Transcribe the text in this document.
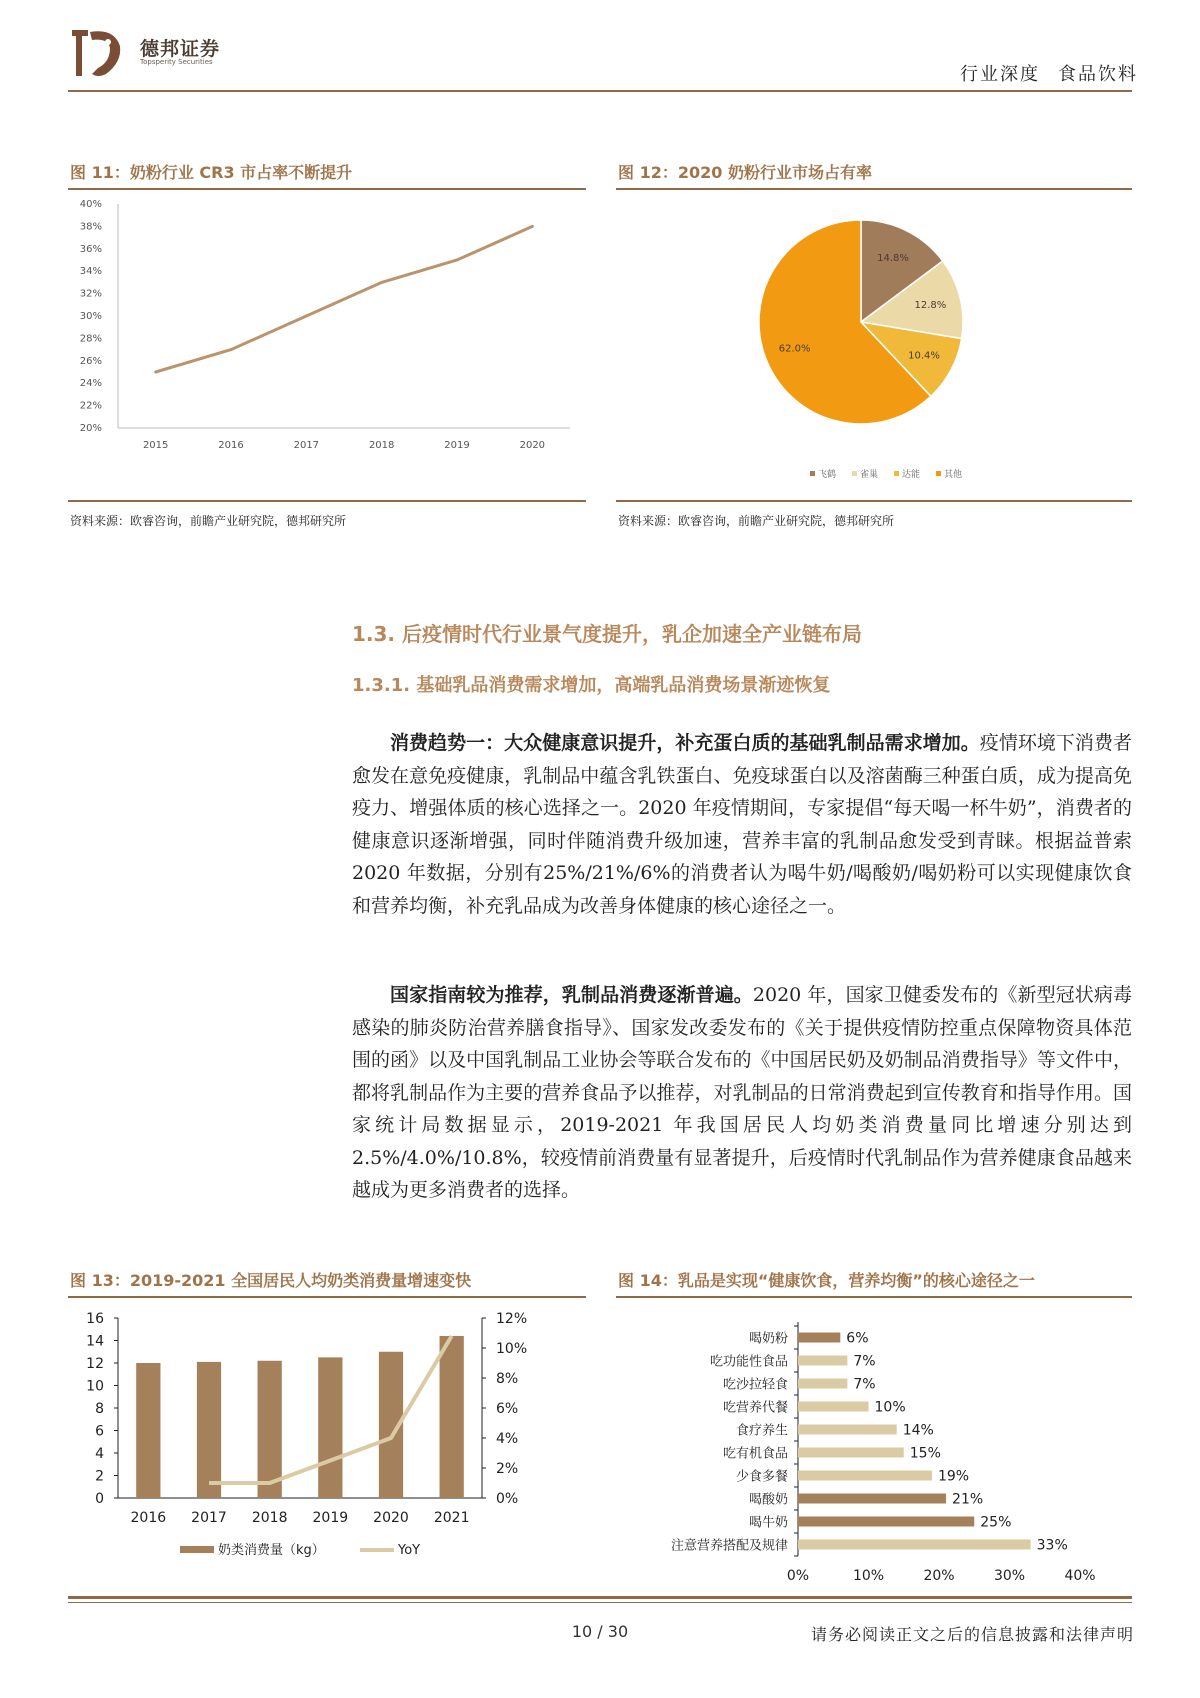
德邦证券
Topsperity Securities
行业深度 食品饮料
图 11：奶粉行业 CR3 市占率不断提升
20%
22%
24%
26%
28%
30%
32%
34%
36%
38%
40%
2015	2016	2017	2018	2019	2020
资料来源：欧睿咨询，前瞻产业研究院，德邦研究所
图 12：2020 奶粉行业市场占有率
14.8%
12.8%
10.4%
62.0%
飞鹤	雀巢	达能	其他
资料来源：欧睿咨询，前瞻产业研究院，德邦研究所
1.3. 后疫情时代行业景气度提升，乳企加速全产业链布局
1.3.1. 基础乳品消费需求增加，高端乳品消费场景渐迹恢复

消费趋势一：大众健康意识提升，补充蛋白质的基础乳制品需求增加。疫情环境下消费者愈发在意免疫健康，乳制品中蕴含乳铁蛋白、免疫球蛋白以及溶菌酶三种蛋白质，成为提高免疫力、增强体质的核心选择之一。2020 年疫情期间，专家提倡“每天喝一杯牛奶”，消费者的健康意识逐渐增强，同时伴随消费升级加速，营养丰富的乳制品愈发受到青睐。根据益普索 2020 年数据，分别有25%/21%/6%的消费者认为喝牛奶/喝酸奶/喝奶粉可以实现健康饮食和营养均衡，补充乳品成为改善身体健康的核心途径之一。

国家指南较为推荐，乳制品消费逐渐普遍。2020 年，国家卫健委发布的《新型冠状病毒感染的肺炎防治营养膳食指导》、国家发改委发布的《关于提供疫情防控重点保障物资具体范围的函》以及中国乳制品工业协会等联合发布的《中国居民奶及奶制品消费指导》等文件中，都将乳制品作为主要的营养食品予以推荐，对乳制品的日常消费起到宣传教育和指导作用。国家统计局数据显示，2019-2021 年我国居民人均奶类消费量同比增速分别达到 2.5%/4.0%/10.8%，较疫情前消费量有显著提升，后疫情时代乳制品作为营养健康食品越来越成为更多消费者的选择。

图 13：2019-2021 全国居民人均奶类消费量增速变快
0
2
4
6
8
10
12
14
16
0%
2%
4%
6%
8%
10%
12%
2016 2017 2018 2019 2020 2021
奶类消费量（kg）	YoY
图 14：乳品是实现“健康饮食，营养均衡”的核心途径之一
喝奶粉	6%
吃功能性食品	7%
吃沙拉轻食	7%
吃营养代餐	10%
食疗养生	14%
吃有机食品	15%
少食多餐	19%
喝酸奶	21%
喝牛奶	25%
注意营养搭配及规律	33%
0%	10%	20%	30%	40%
10 / 30	请务必阅读正文之后的信息披露和法律声明
